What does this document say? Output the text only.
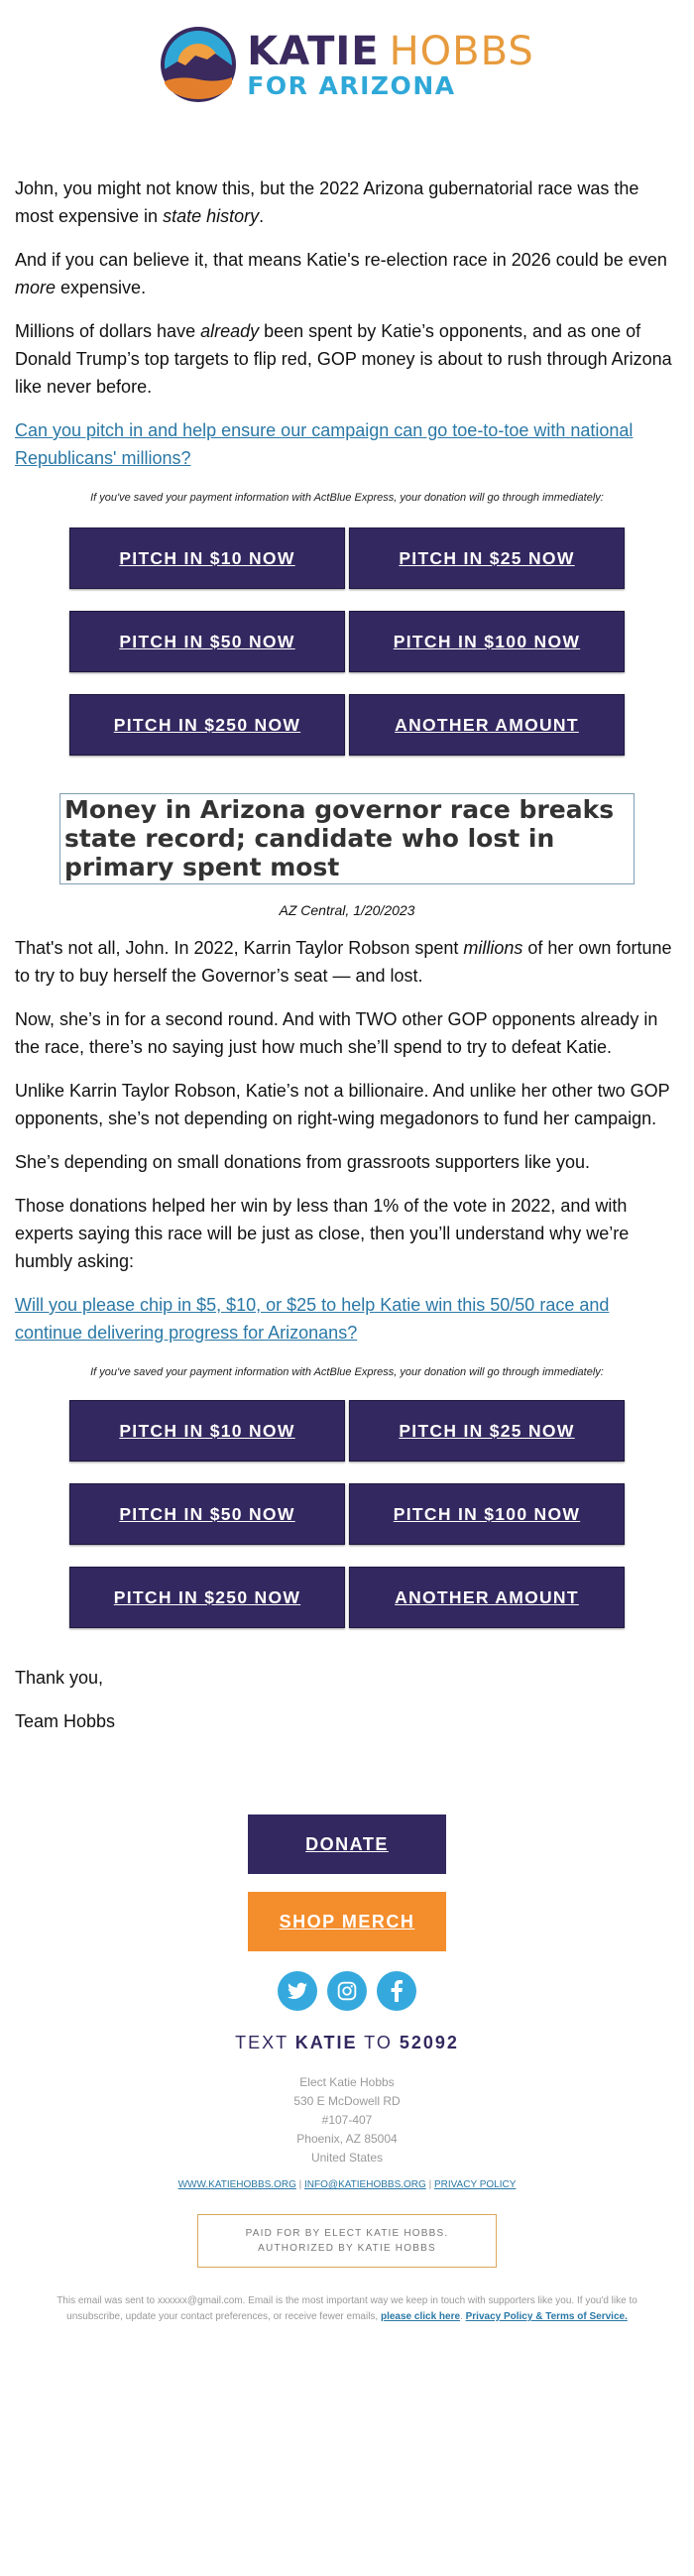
KATIE HOBBS
FOR ARIZONA

John, you might not know this, but the 2022 Arizona gubernatorial race was the most expensive in state history.

And if you can believe it, that means Katie's re-election race in 2026 could be even more expensive.

Millions of dollars have already been spent by Katie’s opponents, and as one of Donald Trump’s top targets to flip red, GOP money is about to rush through Arizona like never before.

Can you pitch in and help ensure our campaign can go toe-to-toe with national Republicans' millions?
If you've saved your payment information with ActBlue Express, your donation will go through immediately:
PITCH IN $10 NOW	PITCH IN $25 NOW
PITCH IN $50 NOW	PITCH IN $100 NOW
PITCH IN $250 NOW	ANOTHER AMOUNT
Money in Arizona governor race breaks state record; candidate who lost in primary spent most
AZ Central, 1/20/2023

That's not all, John. In 2022, Karrin Taylor Robson spent millions of her own fortune to try to buy herself the Governor’s seat — and lost.

Now, she’s in for a second round. And with TWO other GOP opponents already in the race, there’s no saying just how much she’ll spend to try to defeat Katie.

Unlike Karrin Taylor Robson, Katie’s not a billionaire. And unlike her other two GOP opponents, she’s not depending on right-wing megadonors to fund her campaign.

She’s depending on small donations from grassroots supporters like you.

Those donations helped her win by less than 1% of the vote in 2022, and with experts saying this race will be just as close, then you’ll understand why we’re humbly asking:

Will you please chip in $5, $10, or $25 to help Katie win this 50/50 race and continue delivering progress for Arizonans?
If you've saved your payment information with ActBlue Express, your donation will go through immediately:
PITCH IN $10 NOW	PITCH IN $25 NOW
PITCH IN $50 NOW	PITCH IN $100 NOW
PITCH IN $250 NOW	ANOTHER AMOUNT

Thank you,

Team Hobbs

DONATE
SHOP MERCH
TEXT KATIE TO 52092
Elect Katie Hobbs
530 E McDowell RD
#107-407
Phoenix, AZ 85004
United States
WWW.KATIEHOBBS.ORG | INFO@KATIEHOBBS.ORG | PRIVACY POLICY
PAID FOR BY ELECT KATIE HOBBS.
AUTHORIZED BY KATIE HOBBS
This email was sent to xxxxxx@gmail.com. Email is the most important way we keep in touch with supporters like you. If you'd like to unsubscribe, update your contact preferences, or receive fewer emails, please click here. Privacy Policy & Terms of Service.
